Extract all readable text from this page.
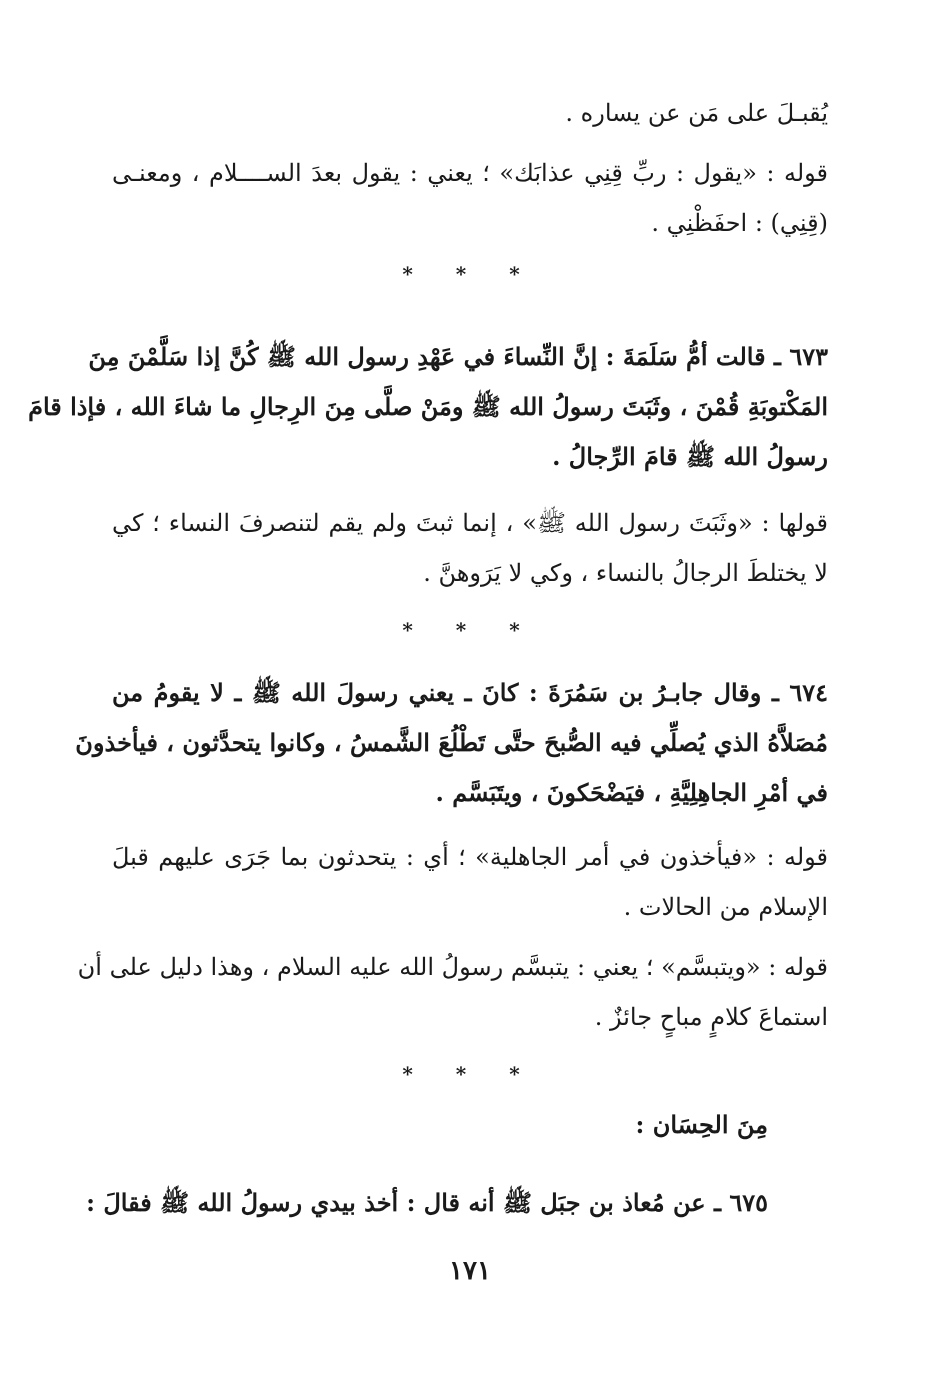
يُقبـلَ على مَن عن يساره .
قوله : «يقول : ربِّ قِنِي عذابَك» ؛ يعني : يقول بعدَ الســــلام ، ومعنـى
(قِنِي) : احفَظْنِي .
* * *
٦٧٣ ـ قالت أمُّ سَلَمَةَ : إنَّ النِّساءَ في عَهْدِ رسول الله ﷺ كُنَّ إذا سَلَّمْنَ مِنَ
المَكْتوبَةِ قُمْنَ ، وثَبَتَ رسولُ الله ﷺ ومَنْ صلَّى مِنَ الرِجالِ ما شاءَ الله ، فإذا قامَ
رسولُ الله ﷺ قامَ الرِّجالُ .
قولها : «وثَبَتَ رسول الله ﷺ» ، إنما ثبتَ ولم يقم لتنصرفَ النساء ؛ كي
لا يختلطَ الرجالُ بالنساء ، وكي لا يَرَوهنَّ .
* * *
٦٧٤ ـ وقال جابـرُ بن سَمُرَةَ : كانَ ـ يعني رسولَ الله ﷺ ـ لا يقومُ من
مُصَلاَّهُ الذي يُصلِّي فيه الصُّبحَ حتَّى تَطْلُعَ الشَّمسُ ، وكانوا يتحدَّثون ، فيأخذونَ
في أمْرِ الجاهِلِيَّةِ ، فيَضْحَكونَ ، ويتَبَسَّم .
قوله : «فيأخذون في أمر الجاهلية» ؛ أي : يتحدثون بما جَرَى عليهم قبلَ
الإسلام من الحالات .
قوله : «ويتبسَّم» ؛ يعني : يتبسَّم رسولُ الله عليه السلام ، وهذا دليل على أن
استماعَ كلامٍ مباحٍ جائزٌ .
* * *
مِنَ الحِسَان :
٦٧٥ ـ عن مُعاذ بن جبَل ﷺ أنه قال : أخذ بيدي رسولُ الله ﷺ فقالَ :
١٧١
